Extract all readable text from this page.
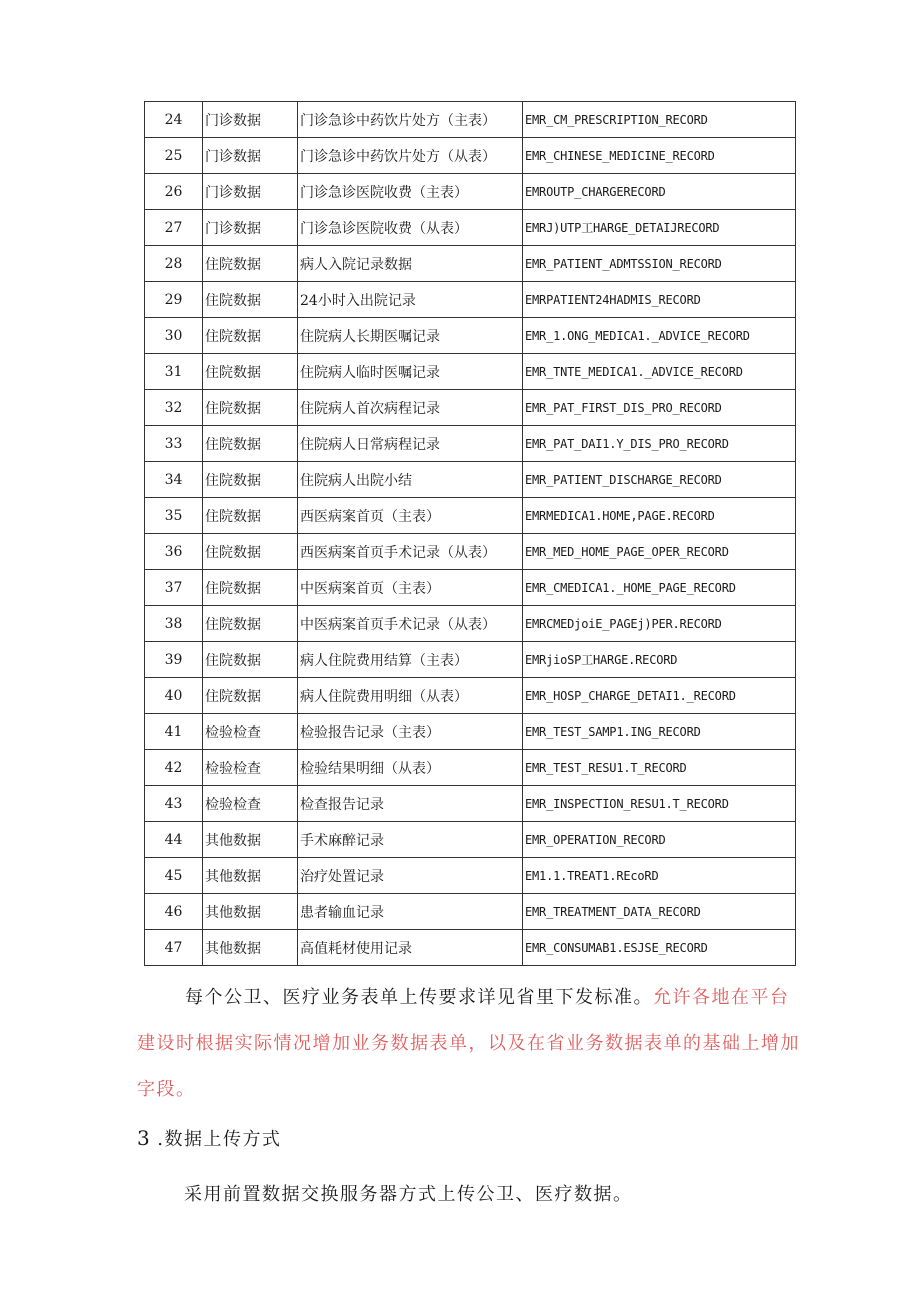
24	门诊数据	门诊急诊中药饮片处方（主表）	EMR_CM_PRESCRIPTION_RECORD
25	门诊数据	门诊急诊中药饮片处方（从表）	EMR_CHINESE_MEDICINE_RECORD
26	门诊数据	门诊急诊医院收费（主表）	EMROUTP_CHARGERECORD
27	门诊数据	门诊急诊医院收费（从表）	EMRJ)UTP工HARGE_DETAIJRECORD
28	住院数据	病人入院记录数据	EMR_PATIENT_ADMTSSION_RECORD
29	住院数据	24小时入出院记录	EMRPATIENT24HADMIS_RECORD
30	住院数据	住院病人长期医嘱记录	EMR_1.ONG_MEDICA1._ADVICE_RECORD
31	住院数据	住院病人临时医嘱记录	EMR_TNTE_MEDICA1._ADVICE_RECORD
32	住院数据	住院病人首次病程记录	EMR_PAT_FIRST_DIS_PRO_RECORD
33	住院数据	住院病人日常病程记录	EMR_PAT_DAI1.Y_DIS_PRO_RECORD
34	住院数据	住院病人出院小结	EMR_PATIENT_DISCHARGE_RECORD
35	住院数据	西医病案首页（主表）	EMRMEDICA1.HOME,PAGE.RECORD
36	住院数据	西医病案首页手术记录（从表）	EMR_MED_HOME_PAGE_OPER_RECORD
37	住院数据	中医病案首页（主表）	EMR_CMEDICA1._HOME_PAGE_RECORD
38	住院数据	中医病案首页手术记录（从表）	EMRCMEDjoiE_PAGEj)PER.RECORD
39	住院数据	病人住院费用结算（主表）	EMRjioSP工HARGE.RECORD
40	住院数据	病人住院费用明细（从表）	EMR_HOSP_CHARGE_DETAI1._RECORD
41	检验检查	检验报告记录（主表）	EMR_TEST_SAMP1.ING_RECORD
42	检验检查	检验结果明细（从表）	EMR_TEST_RESU1.T_RECORD
43	检验检查	检查报告记录	EMR_INSPECTION_RESU1.T_RECORD
44	其他数据	手术麻醉记录	EMR_OPERATION_RECORD
45	其他数据	治疗处置记录	EM1.1.TREAT1.REcoRD
46	其他数据	患者输血记录	EMR_TREATMENT_DATA_RECORD
47	其他数据	高值耗材使用记录	EMR_CONSUMAB1.ESJSE_RECORD
每个公卫、医疗业务表单上传要求详见省里下发标准。允许各地在平台建设时根据实际情况增加业务数据表单，以及在省业务数据表单的基础上增加字段。
3 .数据上传方式
采用前置数据交换服务器方式上传公卫、医疗数据。
